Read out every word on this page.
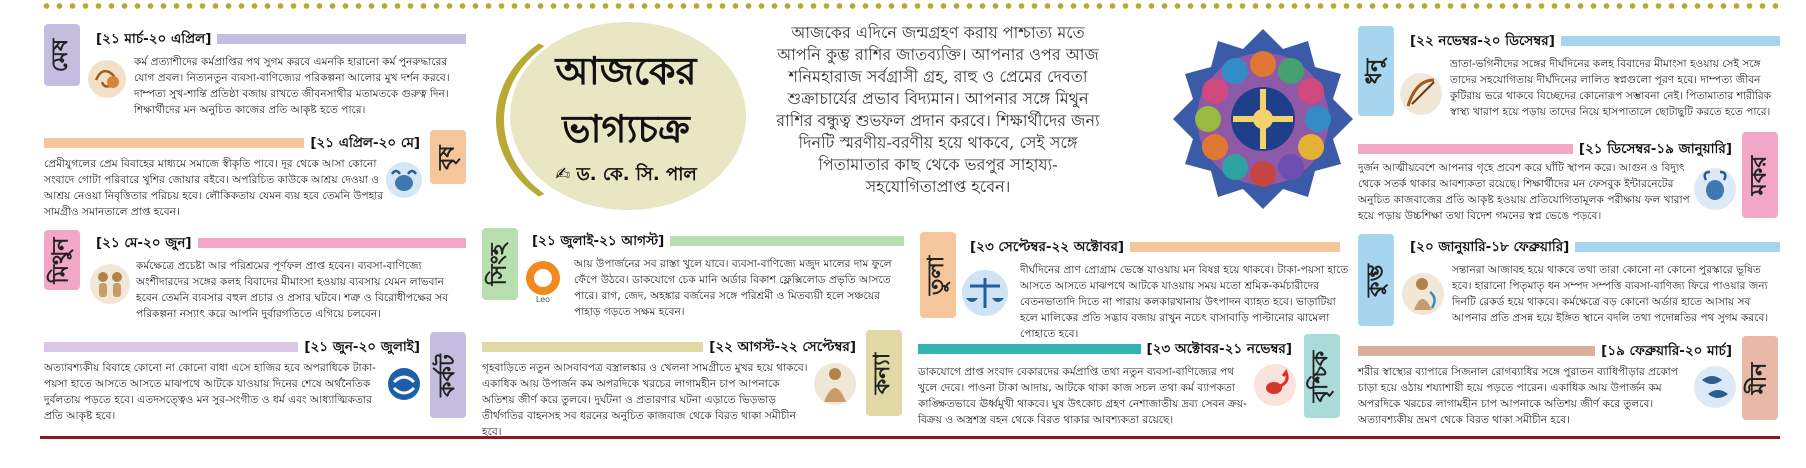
মেষ	[২১ মার্চ-২০ এপ্রিল]
কর্ম প্রত্যাশীদের কর্মপ্রাপ্তির পথ সুগম করবে এমনকি হারানো কর্ম পুনরুদ্ধারের যোগ প্রবল। নিত্যনতুন ব্যবসা-বাণিজ্যের পরিকল্পনা আলোর মুখ দর্শন করবে। দাম্পত্য সুখ-শান্তি প্রতিষ্ঠা বজায় রাখতে জীবনসাথীর মতামতকে গুরুত্ব দিন। শিক্ষার্থীদের মন অনুচিত কাজের প্রতি আকৃষ্ট হতে পারে।
[২১ এপ্রিল-২০ মে]
বৃষ
প্রেমীযুগলের প্রেম বিবাহের মাধ্যমে সমাজে স্বীকৃতি পাবে। দূর থেকে আসা কোনো সংবাদে গোটা পরিবারে খুশির জোয়ার বইবে। অপরিচিত কাউকে আশ্রয় দেওয়া ও আশ্রয় নেওয়া নিবৃত্তিতার পরিচয় হবে। লৌকিকতায় যেমন ব্যয় হবে তেমনি উপহার সামগ্রীও সমানতালে প্রাপ্ত হবেন।
মিথুন	[২১ মে-২০ জুন]
কর্মক্ষেত্রে প্রচেষ্টা আর পরিশ্রমের পূর্ণফল প্রাপ্ত হবেন। ব্যবসা-বাণিজ্যে অংশীদারদের সঙ্গের কলহ বিবাদের মীমাংসা হওয়ায় ব্যবসায় যেমন লাভবান হবেন তেমনি ব্যবসার বহুল প্রচার ও প্রসার ঘটবে। শত্রু ও বিরোধীপক্ষের সব পরিকল্পনা নস্যাৎ করে আপনি দুর্বারগতিতে এগিয়ে চলবেন।
[২১ জুন-২০ জুলাই]
কর্কট
অত্যাবশ্যকীয় বিবাহে কোনো না কোনো বাধা এসে হাজির হবে অপরাধিকে টাকা-পয়সা হাতে আসতে আসতে মাঝপথে আটকে যাওয়ায় দিনের শেষে অর্থনৈতিক দুর্বলতায় পড়তে হবে। এতদসত্ত্বেও মন সুর-সংগীত ও ধর্ম এবং আধ্যাত্মিকতার প্রতি আকৃষ্ট হবে।
আজকের
ভাগ্যচক্র
✍ ড. কে. সি. পাল
আজকের এদিনে জন্মগ্রহণ করায় পাশ্চাত্য মতে আপনি কুম্ভ রাশির জাতব্যক্তি। আপনার ওপর আজ শনিমহারাজ সর্বগ্রাসী গ্রহ, রাহু ও প্রেমের দেবতা শুক্রাচার্যের প্রভাব বিদ্যমান। আপনার সঙ্গে মিথুন রাশির বন্ধুত্ব শুভফল প্রদান করবে। শিক্ষার্থীদের জন্য দিনটি স্মরণীয়-বরণীয় হয়ে থাকবে, সেই সঙ্গে পিতামাতার কাছ থেকে ভরপুর সাহায্য-সহযোগিতাপ্রাপ্ত হবেন।
সিংহ
[২১ জুলাই-২১ আগস্ট]
Leo
আয় উপার্জনের সব রাস্তা খুলে যাবে। ব্যবসা-বাণিজ্যে মজুদ মালের দাম ফুলে ফেঁপে উঠবে। ডাকযোগে চেক মানি অর্ডার বিকাশ ফ্লেক্সিলোড প্রভৃতি আসতে পারে। রাগ, জেদ, অহঙ্কার বর্জনের সঙ্গে পরিশ্রমী ও মিতব্যয়ী হলে সঞ্চয়ের পাহাড় গড়তে সক্ষম হবেন।
[২২ আগস্ট-২২ সেপ্টেম্বর]
কন্যা
গৃহবাড়িতে নতুন আসবাবপত্র বস্ত্রালঙ্কার ও খেলনা সামগ্রীতে মুখর হয়ে থাকবে। একাধিক আয় উপার্জন কম অপরদিকে খরচের লাগামহীন চাপ আপনাকে অতিশয় জীর্ণ করে তুলবে। দুর্ঘটনা ও প্রতারণার ঘটনা এড়াতে ভিড়ভাড় তীর্থগতির বাহনসহ সব ধরনের অনুচিত কাজবাজ থেকে বিরত থাকা সমীচীন হবে।
তুলা
[২৩ সেপ্টেম্বর-২২ অক্টোবর]
দীর্ঘদিনের প্রাণ প্রোগ্রাম ভেস্তে যাওয়ায় মন বিষণ্ণ হয়ে থাকবে। টাকা-পয়সা হাতে আসতে আসতে মাঝপথে আটকে যাওয়ায় সময় মতো শ্রমিক-কর্মচারীদের বেতনভাতাদি দিতে না পারায় কলকারখানায় উৎপাদন ব্যাহত হবে। ভাড়াটিয়া হলে মালিকের প্রতি সদ্ভাব বজায় রাখুন নচেৎ বাসাবাড়ি পাল্টানোর ঝামেলা পোহাতে হবে।
[২৩ অক্টোবর-২১ নভেম্বর]
বৃশ্চিক
ডাকযোগে প্রাপ্ত সংবাদ বেকারদের কর্মপ্রাপ্তি তথা নতুন ব্যবসা-বাণিজ্যের পথ খুলে দেবে। পাওনা টাকা আদায়, আটকে থাকা কাজ সচল তথা কর্ম ব্যাপকতা কাঙ্ক্ষিতভাবে ঊর্ধ্বমুখী থাকবে। ঘুষ উৎকোচ গ্রহণ নেশাজাতীয় দ্রব্য সেবন ক্রয়-বিক্রয় ও অস্ত্রশস্ত্র বহন থেকে বিরত থাকার আবশ্যকতা রয়েছে।
ধনু
[২২ নভেম্বর-২০ ডিসেম্বর]
ভ্রাতা-ভগিনীদের সঙ্গের দীর্ঘদিনের কলহ বিবাদের মীমাংসা হওয়ায় সেই সঙ্গে তাদের সহযোগিতায় দীর্ঘদিনের লালিত স্বপ্নগুলো পূরণ হবে। দাম্পত্য জীবন কুটিরায় ভরে থাকবে বিচ্ছেদের কোনোরূপ সম্ভাবনা নেই। পিতামাতার শারীরিক স্বাস্থ্য খারাপ হয়ে পড়ায় তাদের নিয়ে হাসপাতালে ছোটাছুটি করতে হতে পারে।
[২১ ডিসেম্বর-১৯ জানুয়ারি]
মকর
দুর্জন আত্মীয়বেশে আপনার গৃহে প্রবেশ করে ঘাঁটি স্থাপন করে। আগুন ও বিদ্যুৎ থেকে সতর্ক থাকার আবশ্যকতা রয়েছে। শিক্ষার্থীদের মন ফেসবুক ইন্টারনেটের অনুচিত কাজবাজের প্রতি আকৃষ্ট হওয়ায় প্রতিযোগিতামূলক পরীক্ষায় ফল খারাপ হয়ে পড়ায় উচ্চশিক্ষা তথা বিদেশ গমনের স্বপ্ন ভেঙে পড়বে।
কুম্ভ
[২০ জানুয়ারি-১৮ ফেব্রুয়ারি]
সন্তানরা আজাবহ হয়ে থাকবে তথা তারা কোনো না কোনো পুরস্কারে ভূষিত হবে। হারানো পিতৃমাতৃ ধন সম্পদ সম্পত্তি ব্যবসা-বাণিজ্য ফিরে পাওয়ার জন্য দিনটি রেকর্ড হয়ে থাকবে। কর্মক্ষেত্রে বড় কোনো অর্ডার হাতে আসায় সব আপনার প্রতি প্রসন্ন হয়ে ইঙ্গিত স্থানে বদলি তথা পদোন্নতির পথ সুগম করবে।
[১৯ ফেব্রুয়ারি-২০ মার্চ]
মীন
শরীর স্বাস্থ্যের ব্যাপারে সিজনাল রোগব্যাধির সঙ্গে পুরাতন ব্যাধিপীড়ার প্রকোপ চাড়া হয়ে ওঠায় শয্যাশায়ী হয়ে পড়তে পারেন। একাধিক আয় উপার্জন কম অপরদিকে খরচের লাগামহীন চাপ আপনাকে অতিশয় জীর্ণ করে তুলবে। অত্যাবশ্যকীয় ভ্রমণ থেকে বিরত থাকা সমীচীন হবে।
